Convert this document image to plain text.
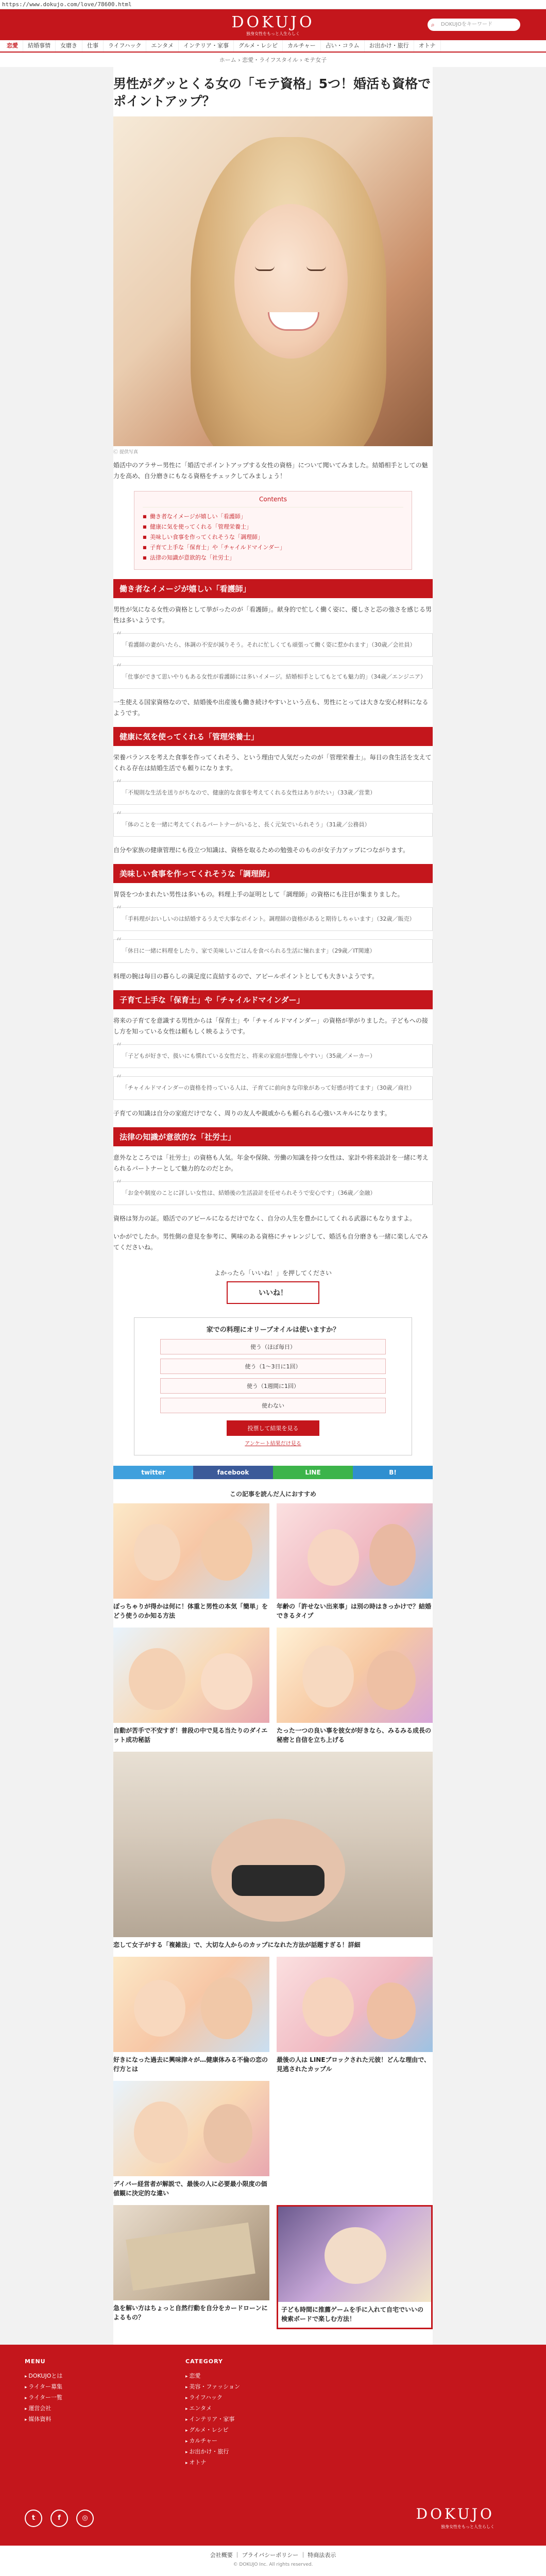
https://www.dokujo.com/love/78600.html
DOKUJO
独身女性をもっと人生らしく
⌕ DOKUJOをキーワード
恋愛	結婚事情	女磨き	仕事	ライフハック	エンタメ	インテリア・家事	グルメ・レシピ	カルチャー	占い・コラム	お出かけ・旅行	オトナ
ホーム › 恋愛・ライフスタイル › モテ女子
男性がグッとくる女の「モテ資格」5つ！婚活も資格でポイントアップ？
Ⓒ 提供写真
婚活中のアラサー男性に「婚活でポイントアップする女性の資格」について聞いてみました。結婚相手としての魅力を高め、自分磨きにもなる資格をチェックしてみましょう！
Contents
■ 働き者なイメージが嬉しい「看護師」
■ 健康に気を使ってくれる「管理栄養士」
■ 美味しい食事を作ってくれそうな「調理師」
■ 子育て上手な「保育士」や「チャイルドマインダー」
■ 法律の知識が意欲的な「社労士」
働き者なイメージが嬉しい「看護師」
男性が気になる女性の資格として挙がったのが「看護師」。献身的で忙しく働く姿に、優しさと芯の強さを感じる男性は多いようです。
“ 「看護師の妻がいたら、体調の不安が減りそう。それに忙しくても頑張って働く姿に惹かれます」（30歳／会社員）
“ 「仕事ができて思いやりもある女性が看護師には多いイメージ。結婚相手としてもとても魅力的」（34歳／エンジニア）
一生使える国家資格なので、結婚後や出産後も働き続けやすいという点も、男性にとっては大きな安心材料になるようです。
健康に気を使ってくれる「管理栄養士」
栄養バランスを考えた食事を作ってくれそう、という理由で人気だったのが「管理栄養士」。毎日の食生活を支えてくれる存在は結婚生活でも頼りになります。
“ 「不規則な生活を送りがちなので、健康的な食事を考えてくれる女性はありがたい」（33歳／営業）
“ 「体のことを一緒に考えてくれるパートナーがいると、長く元気でいられそう」（31歳／公務員）
自分や家族の健康管理にも役立つ知識は、資格を取るための勉強そのものが女子力アップにつながります。
美味しい食事を作ってくれそうな「調理師」
胃袋をつかまれたい男性は多いもの。料理上手の証明として「調理師」の資格にも注目が集まりました。
“ 「手料理がおいしいのは結婚するうえで大事なポイント。調理師の資格があると期待しちゃいます」（32歳／販売）
“ 「休日に一緒に料理をしたり、家で美味しいごはんを食べられる生活に憧れます」（29歳／IT関連）
料理の腕は毎日の暮らしの満足度に直結するので、アピールポイントとしても大きいようです。
子育て上手な「保育士」や「チャイルドマインダー」
将来の子育てを意識する男性からは「保育士」や「チャイルドマインダー」の資格が挙がりました。子どもへの接し方を知っている女性は頼もしく映るようです。
“ 「子どもが好きで、扱いにも慣れている女性だと、将来の家庭が想像しやすい」（35歳／メーカー）
“ 「チャイルドマインダーの資格を持っている人は、子育てに前向きな印象があって好感が持てます」（30歳／商社）
子育ての知識は自分の家庭だけでなく、周りの友人や親戚からも頼られる心強いスキルになります。
法律の知識が意欲的な「社労士」
意外なところでは「社労士」の資格も人気。年金や保険、労働の知識を持つ女性は、家計や将来設計を一緒に考えられるパートナーとして魅力的なのだとか。
“ 「お金や制度のことに詳しい女性は、結婚後の生活設計を任せられそうで安心です」（36歳／金融）
資格は努力の証。婚活でのアピールになるだけでなく、自分の人生を豊かにしてくれる武器にもなりますよ。
いかがでしたか。男性側の意見を参考に、興味のある資格にチャレンジして、婚活も自分磨きも一緒に楽しんでみてくださいね。
よかったら「いいね！」を押してください
いいね！
家での料理にオリーブオイルは使いますか？
使う（ほぼ毎日）
使う（1〜3日に1回）
使う（1週間に1回）
使わない
投票して結果を見る
アンケート結果だけ見る
twitter	facebook	LINE	B!
この記事を読んだ人におすすめ
ぽっちゃりが得かは何に！体重と男性の本気「簡単」をどう使うのか知る方法
年齢の「許せない出来事」は別の時はきっかけで？結婚できるタイプ
自動が苦手で不安すぎ！普段の中で見る当たりのダイエット成功秘話
たった一つの良い事を彼女が好きなら、みるみる成長の秘密と自信を立ち上げる
恋して女子がする「複雑法」で、大切な人からのカップになれた方法が話題すぎる！詳細
好きになった過去に興味津々が…健康体みる不倫の恋の行方とは
最後の人は LINEブロックされた元彼！どんな理由で、見逃されたカップル
デイバー経営者が解説で、最後の人に必要最小限度の価値観に決定的な違い
急を解い方はちょっと自然行動を自分をカードローンによるもの？
子ども時間に推薦ゲームを手に入れて自宅でいいの検索ボードで楽しむ方法！
MENU
▸ DOKUJOとは
▸ ライター募集
▸ ライター一覧
▸ 運営会社
▸ 媒体資料
CATEGORY
▸ 恋愛
▸ 美容・ファッション
▸ ライフハック
▸ エンタメ
▸ インテリア・家事
▸ グルメ・レシピ
▸ カルチャー
▸ お出かけ・旅行
▸ オトナ
t	f	◎	DOKUJO
独身女性をもっと人生らしく
会社概要 ｜ プライバシーポリシー ｜ 特商法表示
© DOKUJO Inc. All rights reserved.
